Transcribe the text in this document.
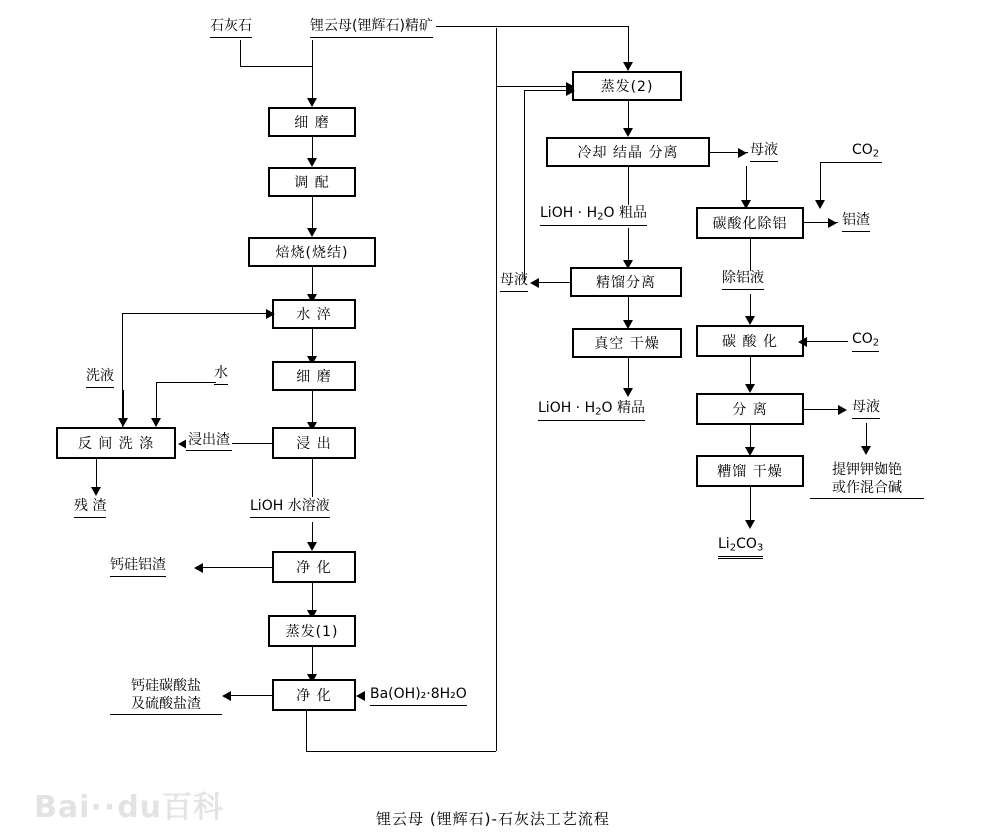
石灰石	锂云母(锂辉石)精矿
细 磨
调 配
焙烧(烧结)
水 淬
细 磨
浸 出
洗液	水
反 间 洗 涤	浸出渣
残 渣	LiOH 水溶液
净 化
钙硅铝渣
蒸发(1)
净 化	Ba(OH)₂·8H₂O
钙硅碳酸盐
及硫酸盐渣
蒸发(2)
冷却 结晶 分离	母液	$CO_2$
LiOH · $H_2O$ 粗品
碳酸化除铝	铝渣
除铝液
精馏分离
母液
真空 干燥
LiOH · $H_2O$ 精品
碳 酸 化	$CO_2$
分 离	母液
提钾钾铷铯
或作混合碱
糟馏 干燥
$Li_2CO_3$
锂云母 (锂辉石)-石灰法工艺流程
Bai··du百科
